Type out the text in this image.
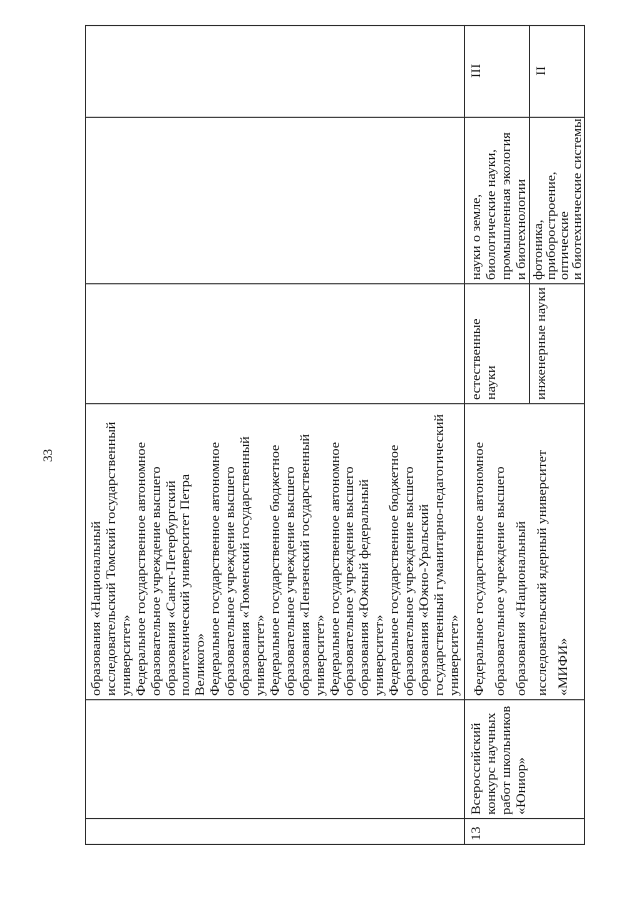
33
образования «Национальный исследовательский Томский государственный университет» Федеральное государственное автономное образовательное учреждение высшего образования «Санкт-Петербургский политехнический университет Петра Великого» Федеральное государственное автономное образовательное учреждение высшего образования «Тюменский государственный университет» Федеральное государственное бюджетное образовательное учреждение высшего образования «Пензенский государственный университет» Федеральное государственное автономное образовательное учреждение высшего образования «Южный федеральный университет» Федеральное государственное бюджетное образовательное учреждение высшего образования «Южно-Уральский государственный гуманитарно-педагогический университет»
13
Всероссийский конкурс научных работ школьников «Юниор»
Федеральное государственное автономное образовательное учреждение высшего образования «Национальный исследовательский ядерный университет «МИФИ»
естественные науки
науки о земле, биологические науки, промышленная экология и биотехнологии
III
инженерные науки
фотоника,
приборостроение,
оптические
и биотехнические системы
II
